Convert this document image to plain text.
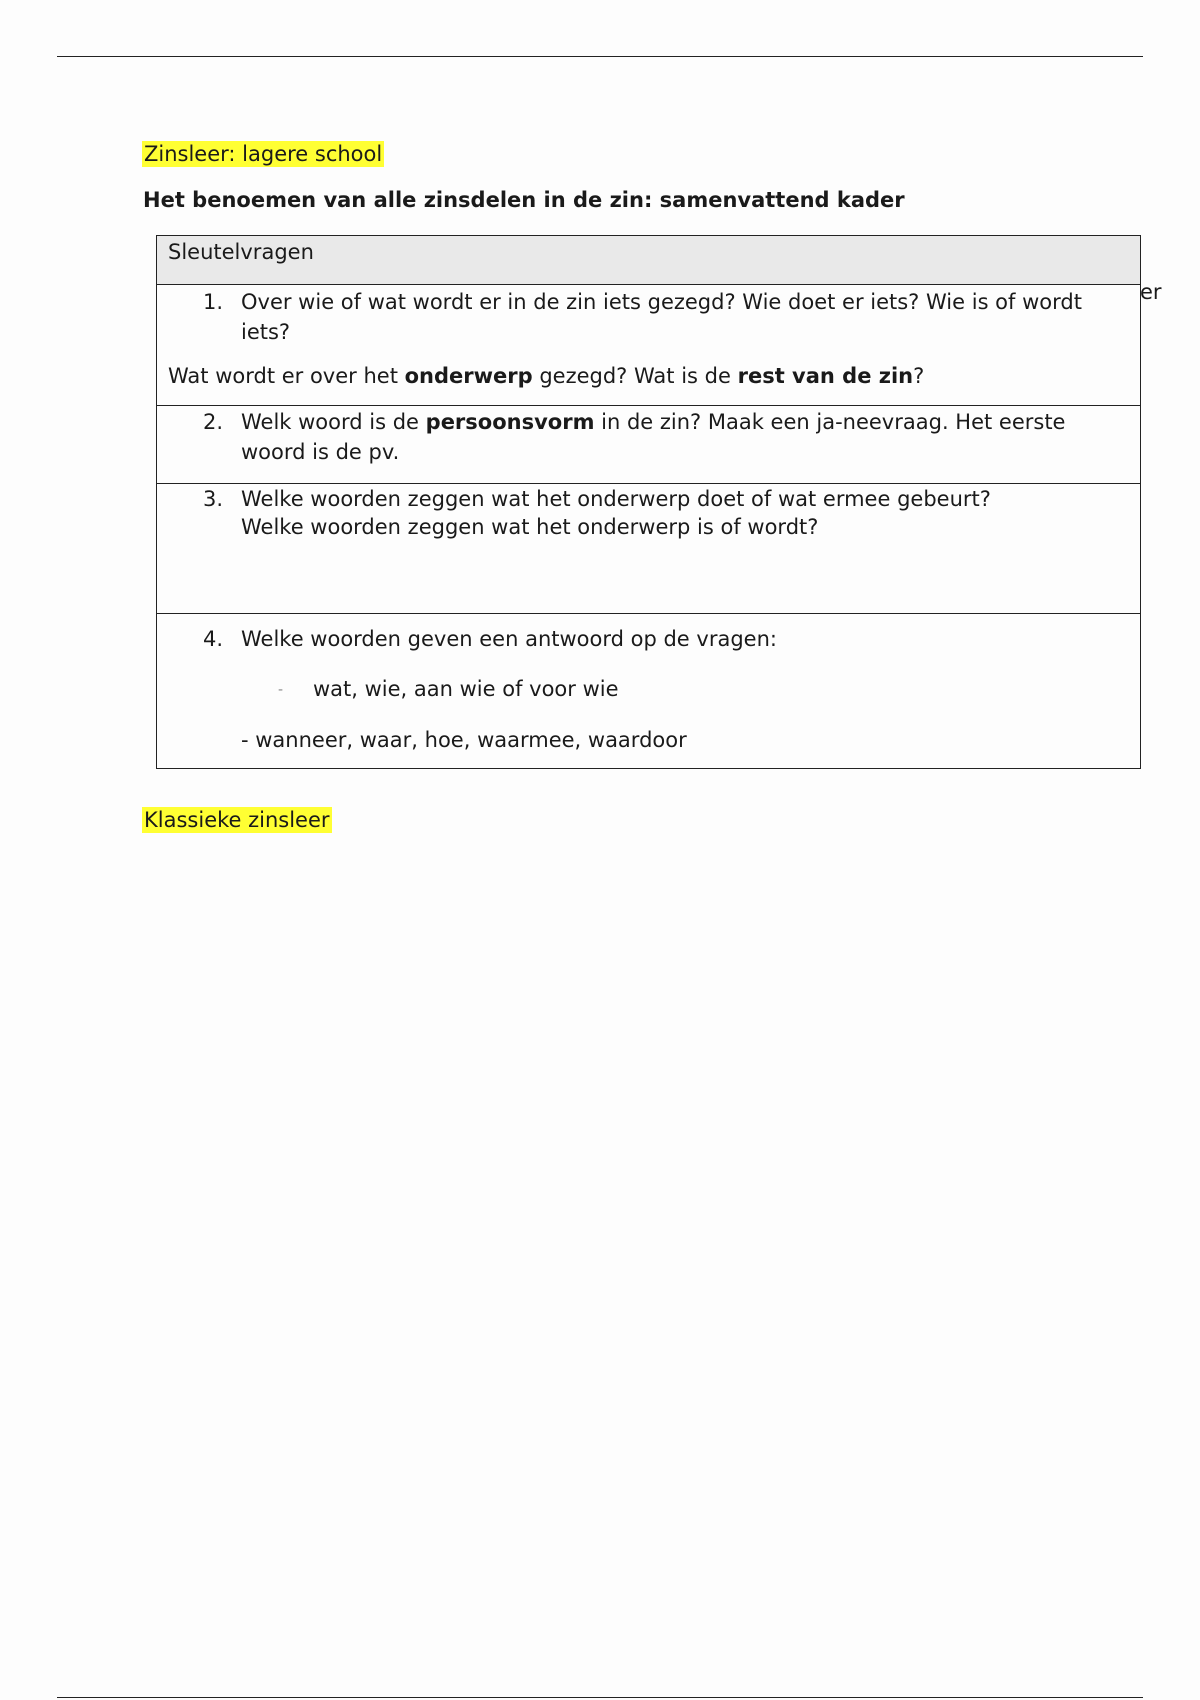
Zinsleer: lagere school
Het benoemen van alle zinsdelen in de zin: samenvattend kader
Sleutelvragen
1. Over wie of wat wordt er in de zin iets gezegd? Wie doet er iets? Wie is of wordt
iets?
Wat wordt er over het onderwerp gezegd? Wat is de rest van de zin?
2. Welk woord is de persoonsvorm in de zin? Maak een ja-neevraag. Het eerste
woord is de pv.
3. Welke woorden zeggen wat het onderwerp doet of wat ermee gebeurt?
Welke woorden zeggen wat het onderwerp is of wordt?
4. Welke woorden geven een antwoord op de vragen:
- wat, wie, aan wie of voor wie
- wanneer, waar, hoe, waarmee, waardoor
er
Klassieke zinsleer
